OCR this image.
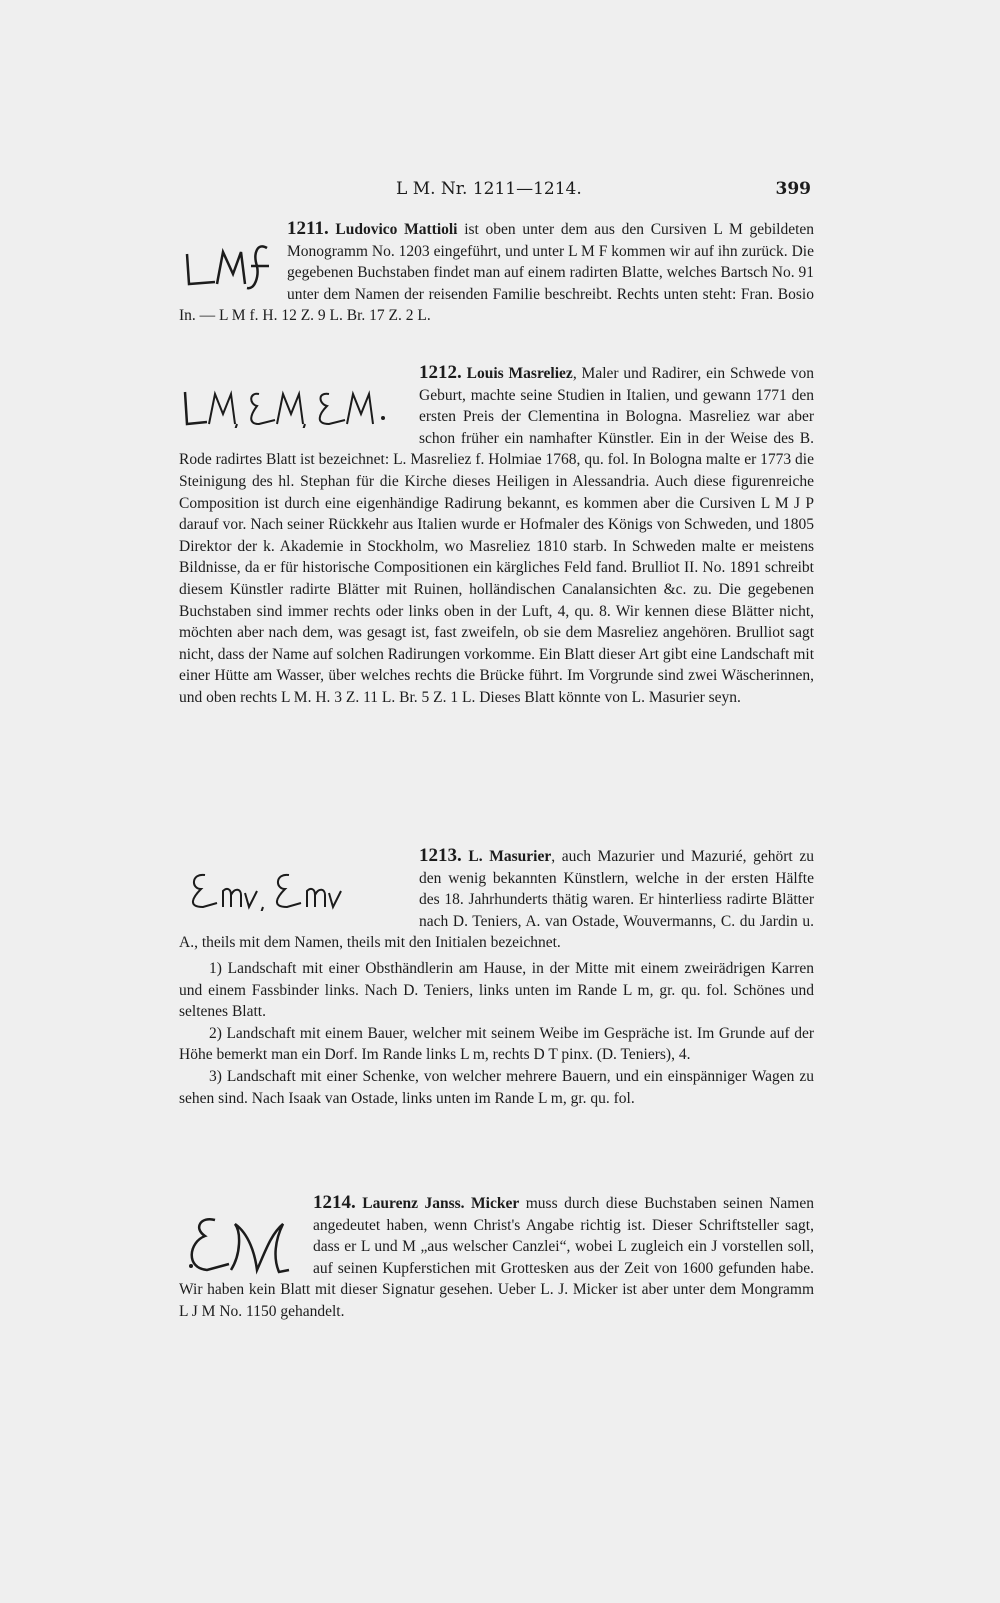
L M. Nr. 1211—1214.	399
1211. Ludovico Mattioli ist oben unter dem aus den Cursiven L M gebildeten Monogramm No. 1203 eingeführt, und unter L M F kommen wir auf ihn zurück. Die gegebenen Buchstaben findet man auf einem radirten Blatte, welches Bartsch No. 91 unter dem Namen der reisenden Familie beschreibt. Rechts unten steht: Fran. Bosio In. — L M f. H. 12 Z. 9 L. Br. 17 Z. 2 L.
1212. Louis Masreliez, Maler und Radirer, ein Schwede von Geburt, machte seine Studien in Italien, und gewann 1771 den ersten Preis der Clementina in Bologna. Masreliez war aber schon früher ein namhafter Künstler. Ein in der Weise des B. Rode radirtes Blatt ist bezeichnet: L. Masreliez f. Holmiae 1768, qu. fol. In Bologna malte er 1773 die Steinigung des hl. Stephan für die Kirche dieses Heiligen in Alessandria. Auch diese figurenreiche Composition ist durch eine eigenhändige Radirung bekannt, es kommen aber die Cursiven L M J P darauf vor. Nach seiner Rückkehr aus Italien wurde er Hofmaler des Königs von Schweden, und 1805 Direktor der k. Akademie in Stockholm, wo Masreliez 1810 starb. In Schweden malte er meistens Bildnisse, da er für historische Compositionen ein kärgliches Feld fand. Brulliot II. No. 1891 schreibt diesem Künstler radirte Blätter mit Ruinen, holländischen Canalansichten &c. zu. Die gegebenen Buchstaben sind immer rechts oder links oben in der Luft, 4, qu. 8. Wir kennen diese Blätter nicht, möchten aber nach dem, was gesagt ist, fast zweifeln, ob sie dem Masreliez angehören. Brulliot sagt nicht, dass der Name auf solchen Radirungen vorkomme. Ein Blatt dieser Art gibt eine Landschaft mit einer Hütte am Wasser, über welches rechts die Brücke führt. Im Vorgrunde sind zwei Wäscherinnen, und oben rechts L M. H. 3 Z. 11 L. Br. 5 Z. 1 L. Dieses Blatt könnte von L. Masurier seyn.
1213. L. Masurier, auch Mazurier und Mazurié, gehört zu den wenig bekannten Künstlern, welche in der ersten Hälfte des 18. Jahrhunderts thätig waren. Er hinterliess radirte Blätter nach D. Teniers, A. van Ostade, Wouvermanns, C. du Jardin u. A., theils mit dem Namen, theils mit den Initialen bezeichnet.
1) Landschaft mit einer Obsthändlerin am Hause, in der Mitte mit einem zweirädrigen Karren und einem Fassbinder links. Nach D. Teniers, links unten im Rande L m, gr. qu. fol. Schönes und seltenes Blatt.
2) Landschaft mit einem Bauer, welcher mit seinem Weibe im Gespräche ist. Im Grunde auf der Höhe bemerkt man ein Dorf. Im Rande links L m, rechts D T pinx. (D. Teniers), 4.
3) Landschaft mit einer Schenke, von welcher mehrere Bauern, und ein einspänniger Wagen zu sehen sind. Nach Isaak van Ostade, links unten im Rande L m, gr. qu. fol.
1214. Laurenz Janss. Micker muss durch diese Buchstaben seinen Namen angedeutet haben, wenn Christ's Angabe richtig ist. Dieser Schriftsteller sagt, dass er L und M „aus welscher Canzlei“, wobei L zugleich ein J vorstellen soll, auf seinen Kupferstichen mit Grottesken aus der Zeit von 1600 gefunden habe. Wir haben kein Blatt mit dieser Signatur gesehen. Ueber L. J. Micker ist aber unter dem Mongramm L J M No. 1150 gehandelt.
